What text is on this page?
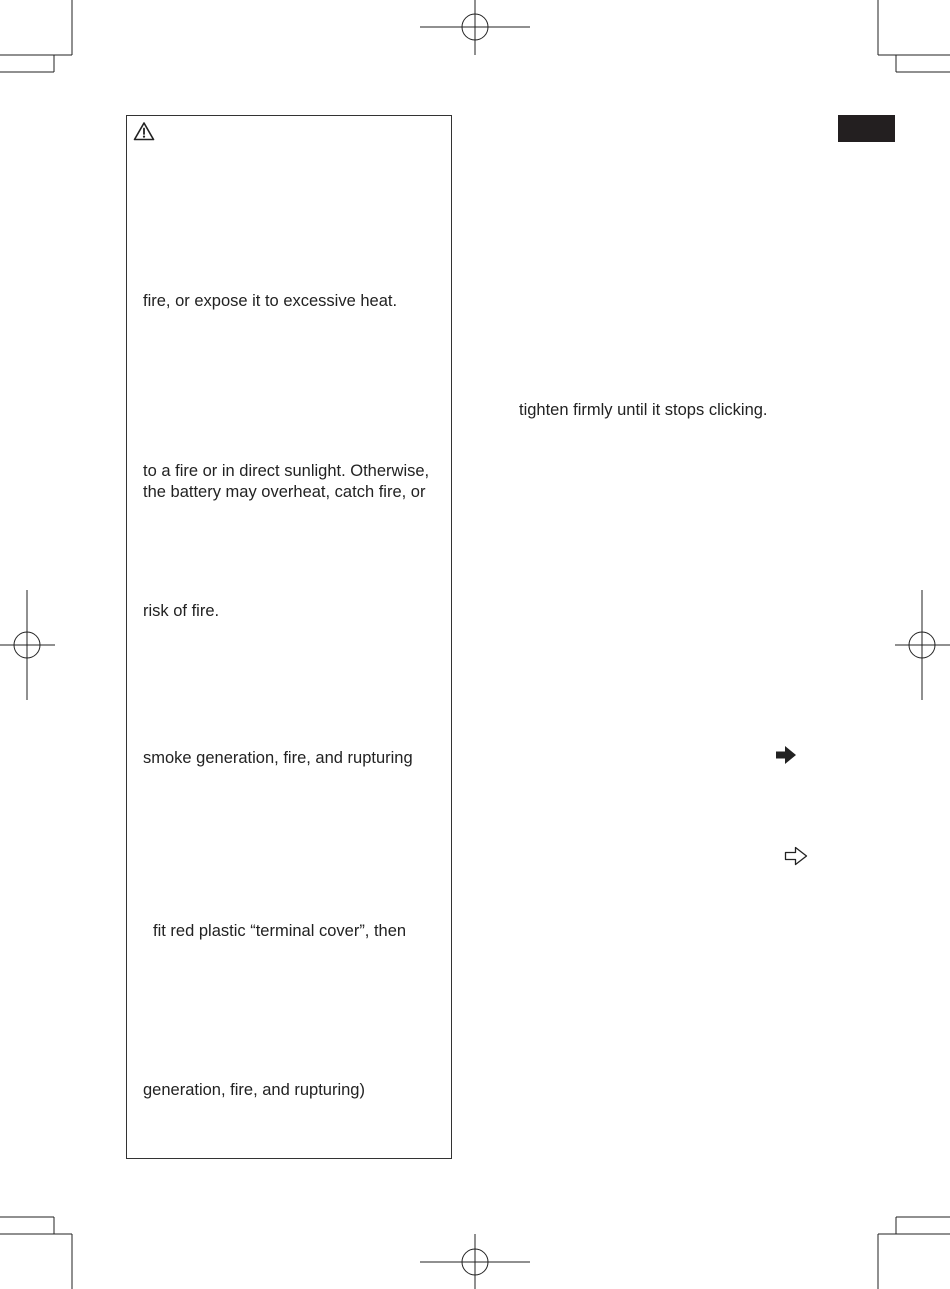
fire, or expose it to excessive heat.
to a fire or in direct sunlight. Otherwise,
the battery may overheat, catch fire, or
risk of fire.
smoke generation, fire, and rupturing
fit red plastic “terminal cover”, then
generation, fire, and rupturing)
tighten firmly until it stops clicking.
